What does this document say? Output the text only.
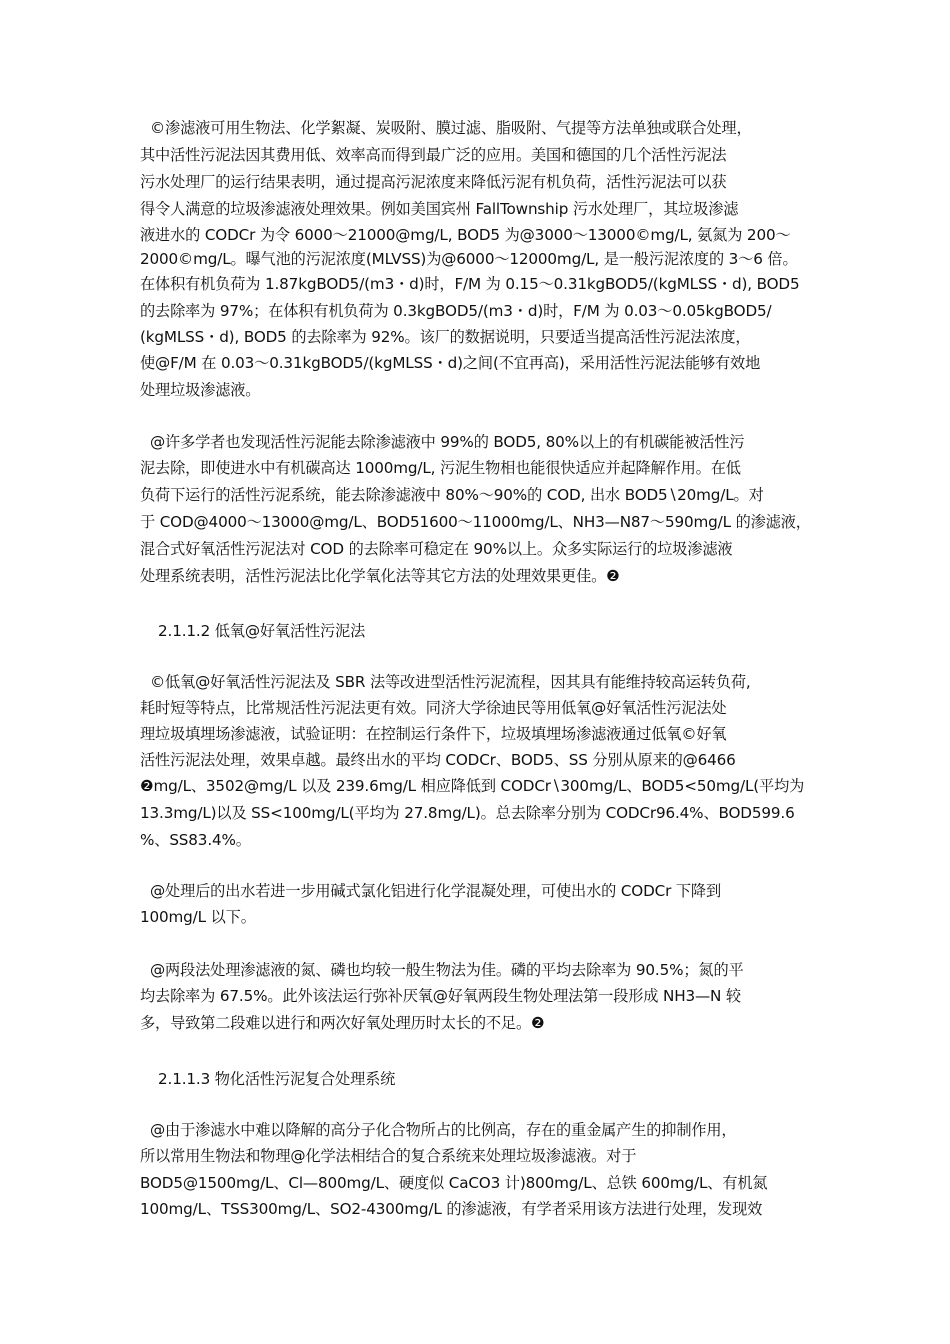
©渗滤液可用生物法、化学絮凝、炭吸附、膜过滤、脂吸附、气提等方法单独或联合处理，
其中活性污泥法因其费用低、效率高而得到最广泛的应用。美国和德国的几个活性污泥法
污水处理厂的运行结果表明，通过提高污泥浓度来降低污泥有机负荷，活性污泥法可以获
得令人满意的垃圾渗滤液处理效果。例如美国宾州 FallTownship 污水处理厂，其垃圾渗滤
液进水的 CODCr 为令 6000～21000@mg/L, BOD5 为@3000～13000©mg/L, 氨氮为 200～
2000©mg/L。曝气池的污泥浓度(MLVSS)为@6000～12000mg/L, 是一般污泥浓度的 3～6 倍。
在体积有机负荷为 1.87kgBOD5/(m3・d)时，F/M 为 0.15～0.31kgBOD5/(kgMLSS・d), BOD5
的去除率为 97%；在体积有机负荷为 0.3kgBOD5/(m3・d)时，F/M 为 0.03～0.05kgBOD5/
(kgMLSS・d), BOD5 的去除率为 92%。该厂的数据说明，只要适当提高活性污泥法浓度，
使@F/M 在 0.03～0.31kgBOD5/(kgMLSS・d)之间(不宜再高)，采用活性污泥法能够有效地
处理垃圾渗滤液。
@许多学者也发现活性污泥能去除渗滤液中 99%的 BOD5, 80%以上的有机碳能被活性污
泥去除，即使进水中有机碳高达 1000mg/L, 污泥生物相也能很快适应并起降解作用。在低
负荷下运行的活性污泥系统，能去除渗滤液中 80%～90%的 COD, 出水 BOD5∖20mg/L。对
于 COD@4000～13000@mg/L、BOD51600～11000mg/L、NH3—N87～590mg/L 的渗滤液，
混合式好氧活性污泥法对 COD 的去除率可稳定在 90%以上。众多实际运行的垃圾渗滤液
处理系统表明，活性污泥法比化学氧化法等其它方法的处理效果更佳。❷
2.1.1.2 低氧@好氧活性污泥法
©低氧@好氧活性污泥法及 SBR 法等改进型活性污泥流程，因其具有能维持较高运转负荷,
耗时短等特点，比常规活性污泥法更有效。同济大学徐迪民等用低氧@好氧活性污泥法处
理垃圾填埋场渗滤液，试验证明：在控制运行条件下，垃圾填埋场渗滤液通过低氧©好氧
活性污泥法处理，效果卓越。最终出水的平均 CODCr、BOD5、SS 分别从原来的@6466
❷mg/L、3502@mg/L 以及 239.6mg/L 相应降低到 CODCr∖300mg/L、BOD5<50mg/L(平均为
13.3mg/L)以及 SS<100mg/L(平均为 27.8mg/L)。总去除率分别为 CODCr96.4%、BOD599.6
%、SS83.4%。
@处理后的出水若进一步用碱式氯化铝进行化学混凝处理，可使出水的 CODCr 下降到
100mg/L 以下。
@两段法处理渗滤液的氮、磷也均较一般生物法为佳。磷的平均去除率为 90.5%；氮的平
均去除率为 67.5%。此外该法运行弥补厌氧@好氧两段生物处理法第一段形成 NH3—N 较
多，导致第二段难以进行和两次好氧处理历时太长的不足。❷
2.1.1.3 物化活性污泥复合处理系统
@由于渗滤水中难以降解的高分子化合物所占的比例高，存在的重金属产生的抑制作用，
所以常用生物法和物理@化学法相结合的复合系统来处理垃圾渗滤液。对于
BOD5@1500mg/L、Cl—800mg/L、硬度似 CaCO3 计)800mg/L、总铁 600mg/L、有机氮
100mg/L、TSS300mg/L、SO2-4300mg/L 的渗滤液，有学者采用该方法进行处理，发现效
